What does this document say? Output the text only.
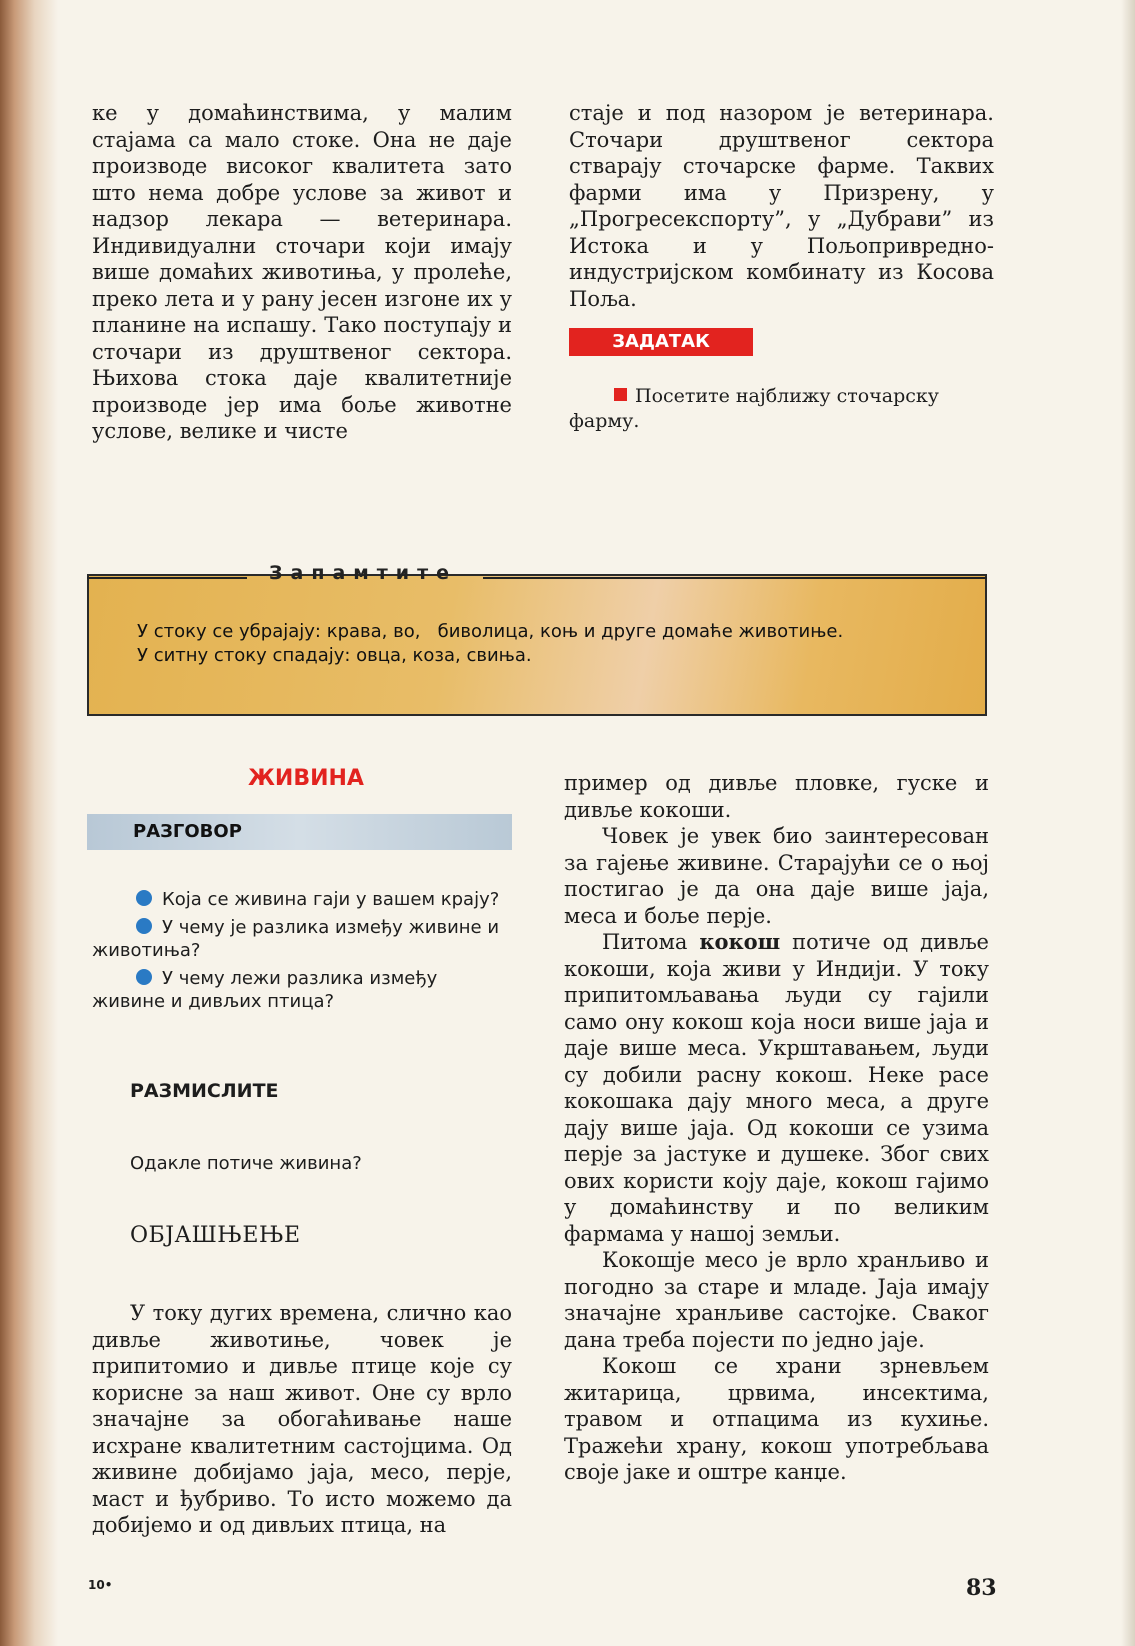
ке у домаћинствима, у малим стајама са мало стоке. Она не даје производе високог квалитета зато што нема добре услове за живот и надзор лекара — ветеринара. Индивидуални сточари који имају више домаћих животиња, у пролеће, преко лета и у рану јесен изгоне их у планине на испашу. Тако поступају и сточари из друштвеног сектора. Њихова стока даје квалитетније производе јер има боље животне услове, велике и чисте

стаје и под назором је ветеринара. Сточари друштвеног сектора стварају сточарске фарме. Таквих фарми има у Призрену, у „Прогресекспорту”, у „Дубрави” из Истока и у Пољопривредно-индустријском комбинату из Косова Поља.

ЗАДАТАК
Посетите најближу сточарску фарму.
У стоку се убрајају: крава, во,   биволица, коњ и друге домаће животиње.
У ситну стоку спадају: овца, коза, свиња.
Запамтите
ЖИВИНА
РАЗГОВОР
Која се живина гаји у вашем крају?
У чему је разлика између живине и животиња?
У чему лежи разлика између живине и дивљих птица?
РАЗМИСЛИТЕ
Одакле потиче живина?
ОБЈАШЊЕЊЕ

У току дугих времена, слично као дивље животиње, човек је припитомио и дивље птице које су корисне за наш живот. Оне су врло значајне за обогаћивање наше исхране квалитетним састојцима. Од живине добијамо јаја, месо, перје, маст и ђубриво. То исто можемо да добијемо и од дивљих птица, на

пример од дивље пловке, гуске и дивље кокоши.

Човек је увек био заинтересован за гајење живине. Старајући се о њој постигао је да она даје више јаја, меса и боље перје.

Питома кокош потиче од дивље кокоши, која живи у Индији. У току припитомљавања људи су гајили само ону кокош која носи више јаја и даје више меса. Укрштавањем, људи су добили расну кокош. Неке расе кокошака дају много меса, а друге дају више јаја. Од кокоши се узима перје за јастуке и душеке. Због свих ових користи коју даје, кокош гајимо у домаћинству и по великим фармама у нашој земљи.

Кокошје месо је врло хранљиво и погодно за старе и младе. Јаја имају значајне хранљиве састојке. Сваког дана треба појести по једно јаје.

Кокош се храни зрневљем житарица, црвима, инсектима, травом и отпацима из кухиње. Тражећи храну, кокош употребљава своје јаке и оштре канџе.

10•	83
